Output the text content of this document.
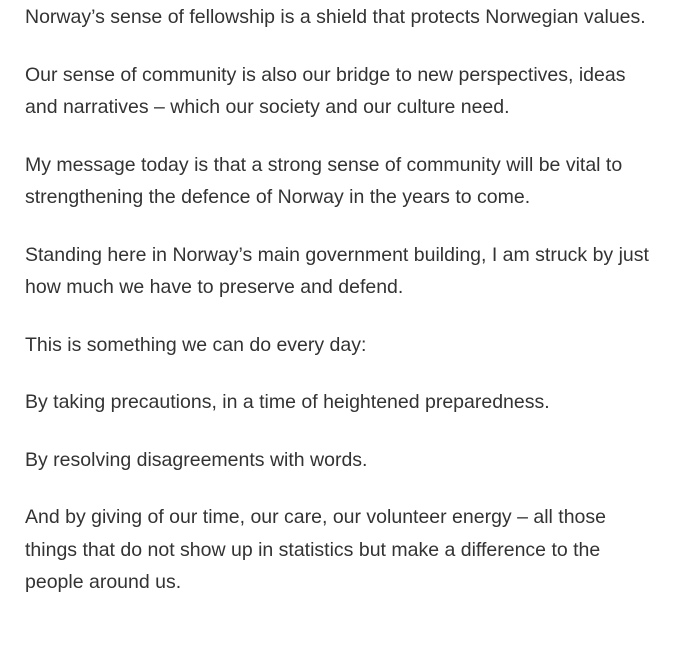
Norway’s sense of fellowship is a shield that protects Norwegian values.

Our sense of community is also our bridge to new perspectives, ideas and narratives – which our society and our culture need.

My message today is that a strong sense of community will be vital to strengthening the defence of Norway in the years to come.

Standing here in Norway’s main government building, I am struck by just how much we have to preserve and defend.

This is something we can do every day:

By taking precautions, in a time of heightened preparedness.

By resolving disagreements with words.

And by giving of our time, our care, our volunteer energy – all those things that do not show up in statistics but make a difference to the people around us.
